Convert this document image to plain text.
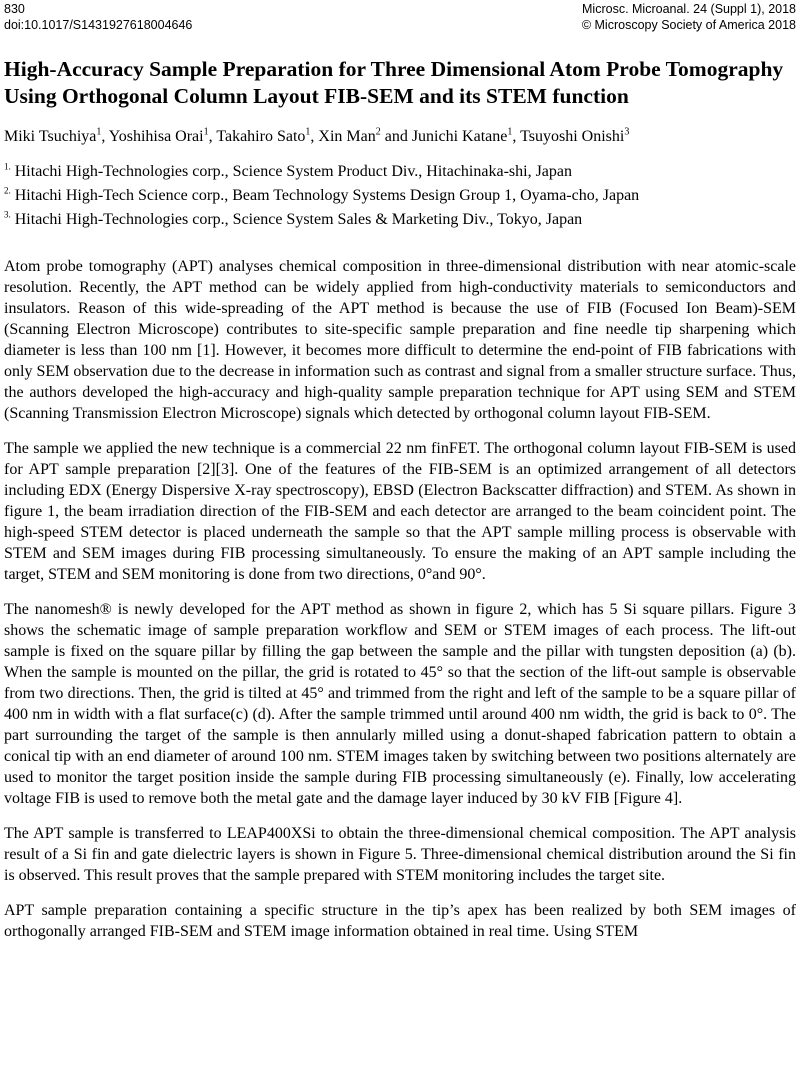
830
doi:10.1017/S1431927618004646
Microsc. Microanal. 24 (Suppl 1), 2018
© Microscopy Society of America 2018
High-Accuracy Sample Preparation for Three Dimensional Atom Probe Tomography Using Orthogonal Column Layout FIB-SEM and its STEM function
Miki Tsuchiya$^1$, Yoshihisa Orai$^1$, Takahiro Sato$^1$, Xin Man$^2$ and Junichi Katane$^1$, Tsuyoshi Onishi$^3$
$^{1.}$ Hitachi High-Technologies corp., Science System Product Div., Hitachinaka-shi, Japan
$^{2.}$ Hitachi High-Tech Science corp., Beam Technology Systems Design Group 1, Oyama-cho, Japan
$^{3.}$ Hitachi High-Technologies corp., Science System Sales & Marketing Div., Tokyo, Japan

Atom probe tomography (APT) analyses chemical composition in three-dimensional distribution with near atomic-scale resolution. Recently, the APT method can be widely applied from high-conductivity materials to semiconductors and insulators. Reason of this wide-spreading of the APT method is because the use of FIB (Focused Ion Beam)-SEM (Scanning Electron Microscope) contributes to site-specific sample preparation and fine needle tip sharpening which diameter is less than 100 nm [1]. However, it becomes more difficult to determine the end-point of FIB fabrications with only SEM observation due to the decrease in information such as contrast and signal from a smaller structure surface. Thus, the authors developed the high-accuracy and high-quality sample preparation technique for APT using SEM and STEM (Scanning Transmission Electron Microscope) signals which detected by orthogonal column layout FIB-SEM.

The sample we applied the new technique is a commercial 22 nm finFET. The orthogonal column layout FIB-SEM is used for APT sample preparation [2][3]. One of the features of the FIB-SEM is an optimized arrangement of all detectors including EDX (Energy Dispersive X-ray spectroscopy), EBSD (Electron Backscatter diffraction) and STEM. As shown in figure 1, the beam irradiation direction of the FIB-SEM and each detector are arranged to the beam coincident point. The high-speed STEM detector is placed underneath the sample so that the APT sample milling process is observable with STEM and SEM images during FIB processing simultaneously. To ensure the making of an APT sample including the target, STEM and SEM monitoring is done from two directions, 0°and 90°.

The nanomesh® is newly developed for the APT method as shown in figure 2, which has 5 Si square pillars. Figure 3 shows the schematic image of sample preparation workflow and SEM or STEM images of each process. The lift-out sample is fixed on the square pillar by filling the gap between the sample and the pillar with tungsten deposition (a) (b). When the sample is mounted on the pillar, the grid is rotated to 45° so that the section of the lift-out sample is observable from two directions. Then, the grid is tilted at 45° and trimmed from the right and left of the sample to be a square pillar of 400 nm in width with a flat surface(c) (d). After the sample trimmed until around 400 nm width, the grid is back to 0°. The part surrounding the target of the sample is then annularly milled using a donut-shaped fabrication pattern to obtain a conical tip with an end diameter of around 100 nm. STEM images taken by switching between two positions alternately are used to monitor the target position inside the sample during FIB processing simultaneously (e). Finally, low accelerating voltage FIB is used to remove both the metal gate and the damage layer induced by 30 kV FIB [Figure 4].

The APT sample is transferred to LEAP400XSi to obtain the three-dimensional chemical composition. The APT analysis result of a Si fin and gate dielectric layers is shown in Figure 5. Three-dimensional chemical distribution around the Si fin is observed. This result proves that the sample prepared with STEM monitoring includes the target site.

APT sample preparation containing a specific structure in the tip’s apex has been realized by both SEM images of orthogonally arranged FIB-SEM and STEM image information obtained in real time. Using STEM
